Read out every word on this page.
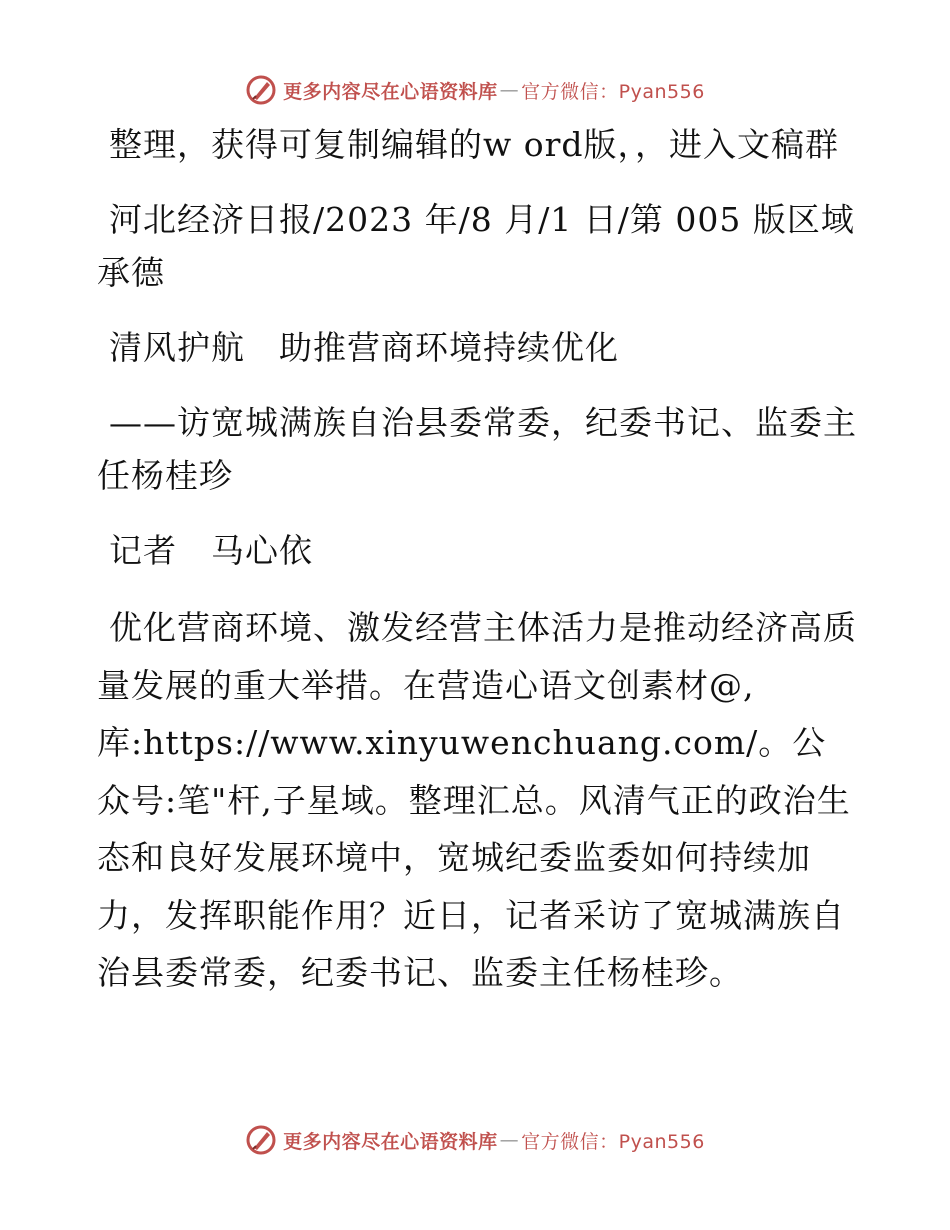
更多内容尽在心语资料库 — 官方微信：Pyan556

整理，获得可复制编辑的w ord版，，进入文稿群

河北经济日报/2023 年/8 月/1 日/第 005 版区域 承德

清风护航　助推营商环境持续优化

——访宽城满族自治县委常委，纪委书记、监委主任杨桂珍

记者　马心依

优化营商环境、激发经营主体活力是推动经济高质量发展的重大举措。在营造心语文创素材@,库:https://www.xinyuwenchuang.com/。公众号:笔"杆,子星域。整理汇总。风清气正的政治生态和良好发展环境中，宽城纪委监委如何持续加力，发挥职能作用？近日，记者采访了宽城满族自治县委常委，纪委书记、监委主任杨桂珍。

更多内容尽在心语资料库 — 官方微信：Pyan556
